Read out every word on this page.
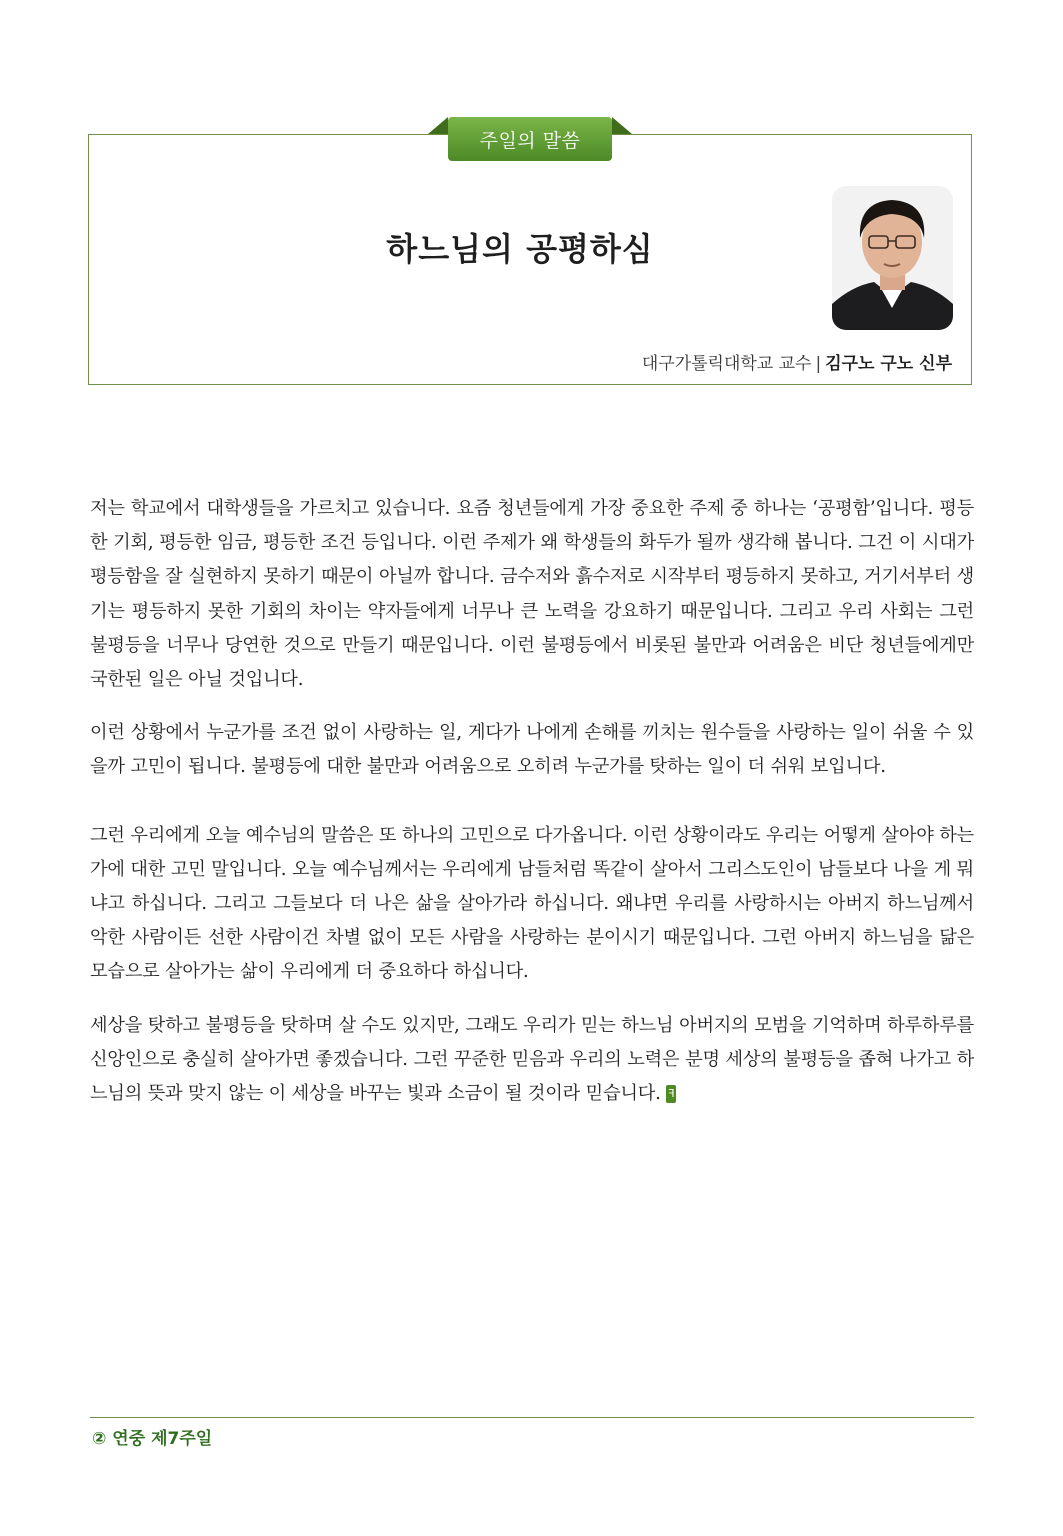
주일의 말씀
하느님의 공평하심
대구가톨릭대학교 교수 | 김구노 구노 신부

저는 학교에서 대학생들을 가르치고 있습니다. 요즘 청년들에게 가장 중요한 주제 중 하나는 ‘공평함’입니다. 평등한 기회, 평등한 임금, 평등한 조건 등입니다. 이런 주제가 왜 학생들의 화두가 될까 생각해 봅니다. 그건 이 시대가 평등함을 잘 실현하지 못하기 때문이 아닐까 합니다. 금수저와 흙수저로 시작부터 평등하지 못하고, 거기서부터 생기는 평등하지 못한 기회의 차이는 약자들에게 너무나 큰 노력을 강요하기 때문입니다. 그리고 우리 사회는 그런 불평등을 너무나 당연한 것으로 만들기 때문입니다. 이런 불평등에서 비롯된 불만과 어려움은 비단 청년들에게만 국한된 일은 아닐 것입니다.

이런 상황에서 누군가를 조건 없이 사랑하는 일, 게다가 나에게 손해를 끼치는 원수들을 사랑하는 일이 쉬울 수 있을까 고민이 됩니다. 불평등에 대한 불만과 어려움으로 오히려 누군가를 탓하는 일이 더 쉬워 보입니다.

그런 우리에게 오늘 예수님의 말씀은 또 하나의 고민으로 다가옵니다. 이런 상황이라도 우리는 어떻게 살아야 하는가에 대한 고민 말입니다. 오늘 예수님께서는 우리에게 남들처럼 똑같이 살아서 그리스도인이 남들보다 나을 게 뭐냐고 하십니다. 그리고 그들보다 더 나은 삶을 살아가라 하십니다. 왜냐면 우리를 사랑하시는 아버지 하느님께서 악한 사람이든 선한 사람이건 차별 없이 모든 사람을 사랑하는 분이시기 때문입니다. 그런 아버지 하느님을 닮은 모습으로 살아가는 삶이 우리에게 더 중요하다 하십니다.

세상을 탓하고 불평등을 탓하며 살 수도 있지만, 그래도 우리가 믿는 하느님 아버지의 모범을 기억하며 하루하루를 신앙인으로 충실히 살아가면 좋겠습니다. 그런 꾸준한 믿음과 우리의 노력은 분명 세상의 불평등을 좁혀 나가고 하느님의 뜻과 맞지 않는 이 세상을 바꾸는 빛과 소금이 될 것이라 믿습니다. ꟻ

② 연중 제7주일
